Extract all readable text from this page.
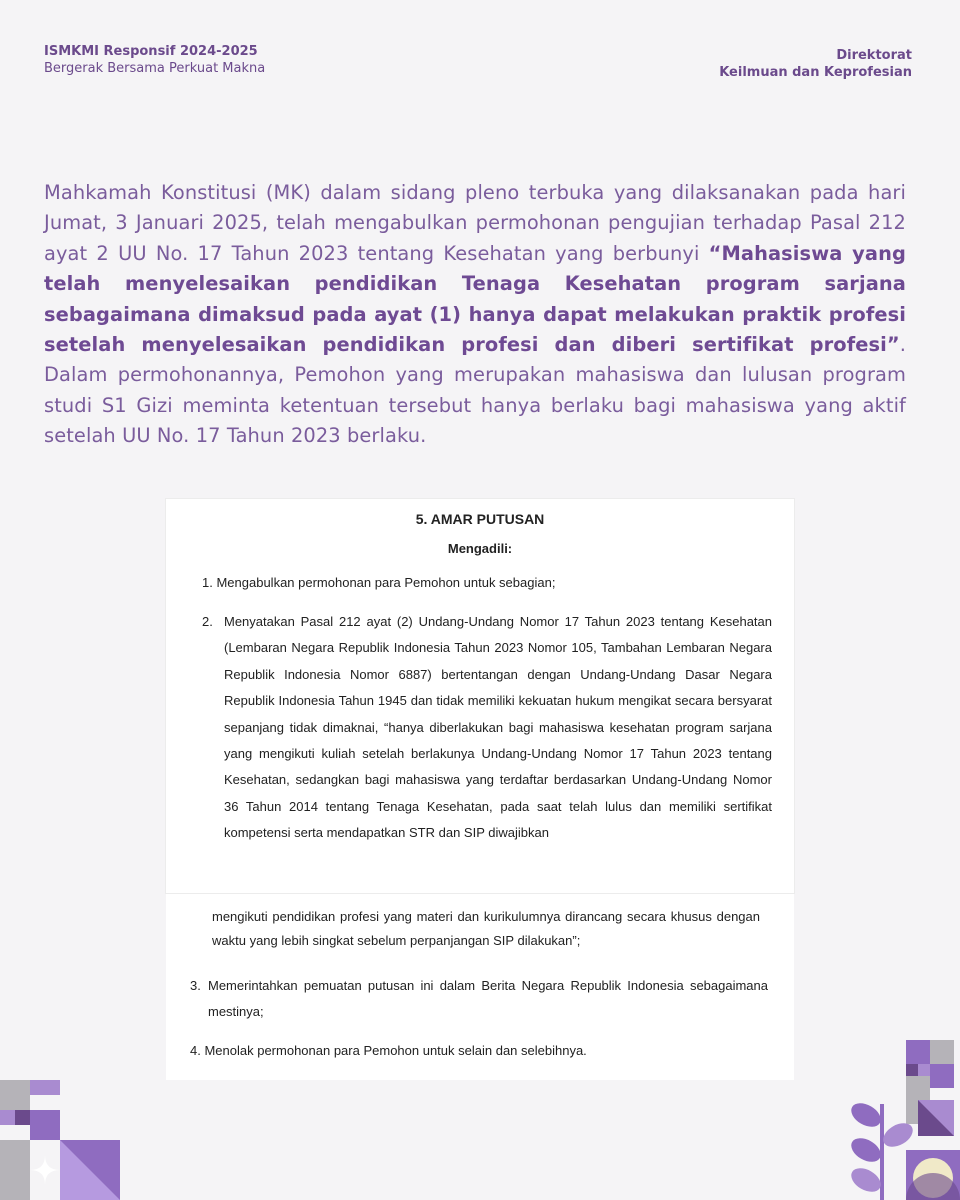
ISMKMI Responsif 2024-2025
Bergerak Bersama Perkuat Makna
Direktorat
Keilmuan dan Keprofesian
Mahkamah Konstitusi (MK) dalam sidang pleno terbuka yang dilaksanakan pada hari Jumat, 3 Januari 2025, telah mengabulkan permohonan pengujian terhadap Pasal 212 ayat 2 UU No. 17 Tahun 2023 tentang Kesehatan yang berbunyi “Mahasiswa yang telah menyelesaikan pendidikan Tenaga Kesehatan program sarjana sebagaimana dimaksud pada ayat (1) hanya dapat melakukan praktik profesi setelah menyelesaikan pendidikan profesi dan diberi sertifikat profesi”. Dalam permohonannya, Pemohon yang merupakan mahasiswa dan lulusan program studi S1 Gizi meminta ketentuan tersebut hanya berlaku bagi mahasiswa yang aktif setelah UU No. 17 Tahun 2023 berlaku.
5. AMAR PUTUSAN
Mengadili:
1. Mengabulkan permohonan para Pemohon untuk sebagian;
2. Menyatakan Pasal 212 ayat (2) Undang-Undang Nomor 17 Tahun 2023 tentang Kesehatan (Lembaran Negara Republik Indonesia Tahun 2023 Nomor 105, Tambahan Lembaran Negara Republik Indonesia Nomor 6887) bertentangan dengan Undang-Undang Dasar Negara Republik Indonesia Tahun 1945 dan tidak memiliki kekuatan hukum mengikat secara bersyarat sepanjang tidak dimaknai, “hanya diberlakukan bagi mahasiswa kesehatan program sarjana yang mengikuti kuliah setelah berlakunya Undang-Undang Nomor 17 Tahun 2023 tentang Kesehatan, sedangkan bagi mahasiswa yang terdaftar berdasarkan Undang-Undang Nomor 36 Tahun 2014 tentang Tenaga Kesehatan, pada saat telah lulus dan memiliki sertifikat kompetensi serta mendapatkan STR dan SIP diwajibkan
mengikuti pendidikan profesi yang materi dan kurikulumnya dirancang secara khusus dengan waktu yang lebih singkat sebelum perpanjangan SIP dilakukan”;
3. Memerintahkan pemuatan putusan ini dalam Berita Negara Republik Indonesia sebagaimana mestinya;
4. Menolak permohonan para Pemohon untuk selain dan selebihnya.
